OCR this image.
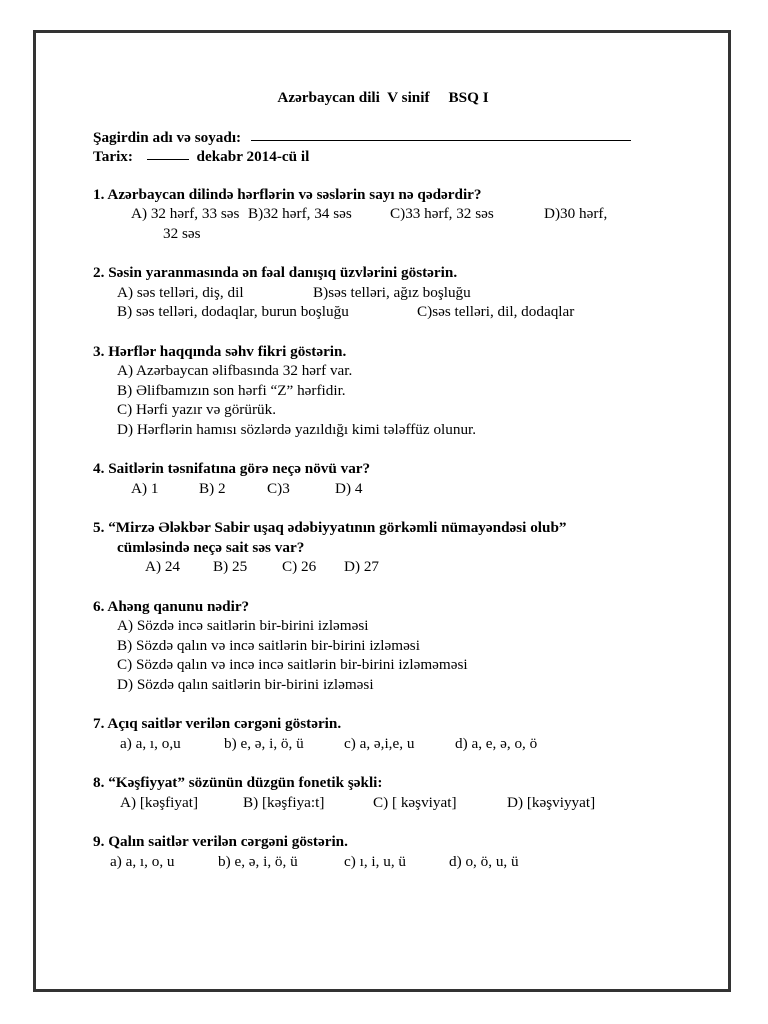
Azərbaycan dili  V sinif     BSQ I
Şagirdin adı və soyadı:
Tarix:	dekabr 2014-cü il
1. Azərbaycan dilində hərflərin və səslərin sayı nə qədərdir?
A) 32 hərf, 33 səs B)32 hərf, 34 səs	C)33 hərf, 32 səs	D)30 hərf,
32 səs
2. Səsin yaranmasında ən fəal danışıq üzvlərini göstərin.
A) səs telləri, diş, dil	B)səs telləri, ağız boşluğu
B) səs telləri, dodaqlar, burun boşluğu	C)səs telləri, dil, dodaqlar
3. Hərflər haqqında səhv fikri göstərin.
A) Azərbaycan əlifbasında 32 hərf var.
B) Əlifbamızın son hərfi “Z” hərfidir.
C) Hərfi yazır və görürük.
D) Hərflərin hamısı sözlərdə yazıldığı kimi tələffüz olunur.
4. Saitlərin təsnifatına görə neçə növü var?
A) 1	B) 2	C)3	D) 4
5. “Mirzə Ələkbər Sabir uşaq ədəbiyyatının görkəmli nümayəndəsi olub”
cümləsində neçə sait səs var?
A) 24 B) 25 C) 26 D) 27
6. Ahəng qanunu nədir?
A) Sözdə incə saitlərin bir-birini izləməsi
B) Sözdə qalın və incə saitlərin bir-birini izləməsi
C) Sözdə qalın və incə incə saitlərin bir-birini izləməməsi
D) Sözdə qalın saitlərin bir-birini izləməsi
7. Açıq saitlər verilən cərgəni göstərin.
a) a, ı, o,u	b) e, ə, i, ö, ü	c) a, ə,i,e, u	d) a, e, ə, o, ö
8. “Kəşfiyyat” sözünün düzgün fonetik şəkli:
A) [kəşfiyat]	B) [kəşfiya:t]	C) [ kəşviyat]	D) [kəşviyyat]
9. Qalın saitlər verilən cərgəni göstərin.
a) a, ı, o, u	b) e, ə, i, ö, ü	c) ı, i, u, ü	d) o, ö, u, ü
